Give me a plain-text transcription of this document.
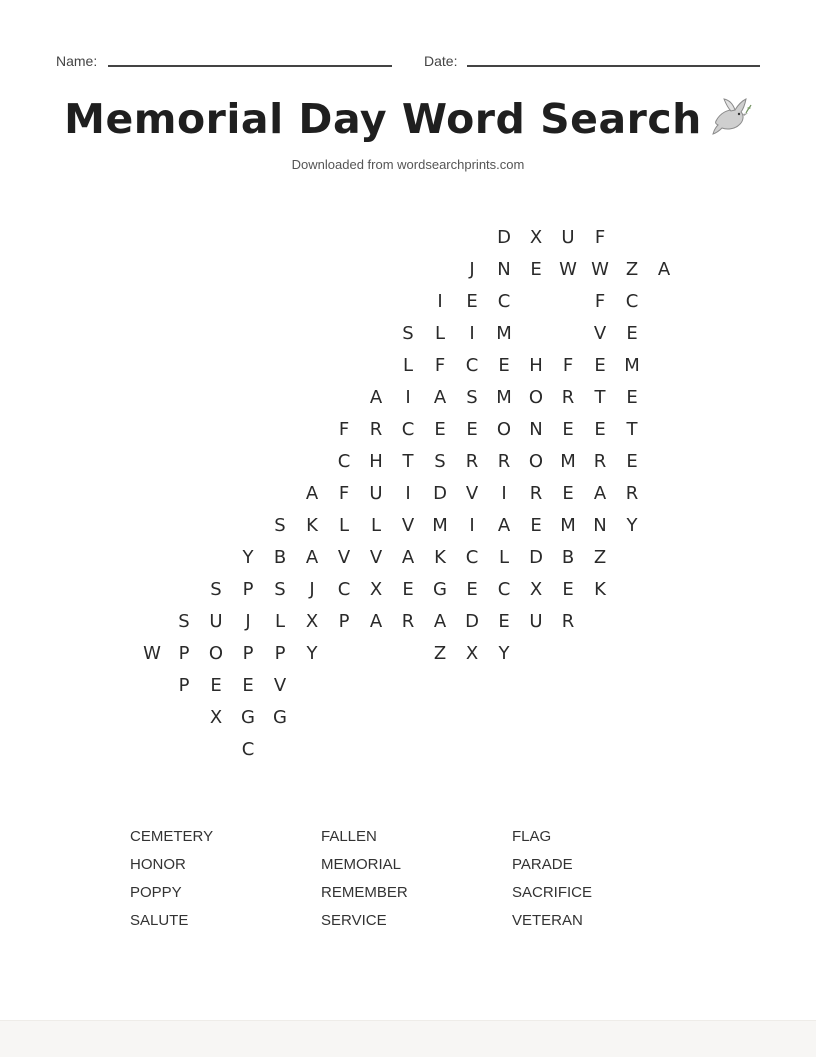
Name:	Date:
Memorial Day Word Search
Downloaded from wordsearchprints.com
D	X	U	F
J	N	E W W Z	A
I	E	C	F	C
S	L	I	M	V	E
L	F	C	E	H	F	E	M
A	I	A	S	M O	R	T	E
F	R	C	E	E	O	N	E	E	T
C	H	T	S	R	R	O M R	E
A	F	U	I	D	V	I	R	E	A	R
S	K	L	L	V	M	I	A	E	M N	Y
Y	B	A	V	V	A	K	C	L	D	B	Z
S	P	S	J	C	X	E	G	E	C	X	E	K
S	U	J	L	X	P	A	R	A	D	E	U	R
W P	O	P	P	Y	Z	X	Y
P	E	E	V
X	G	G
C
CEMETERY	FALLEN	FLAG
HONOR	MEMORIAL	PARADE
POPPY	REMEMBER	SACRIFICE
SALUTE	SERVICE	VETERAN
